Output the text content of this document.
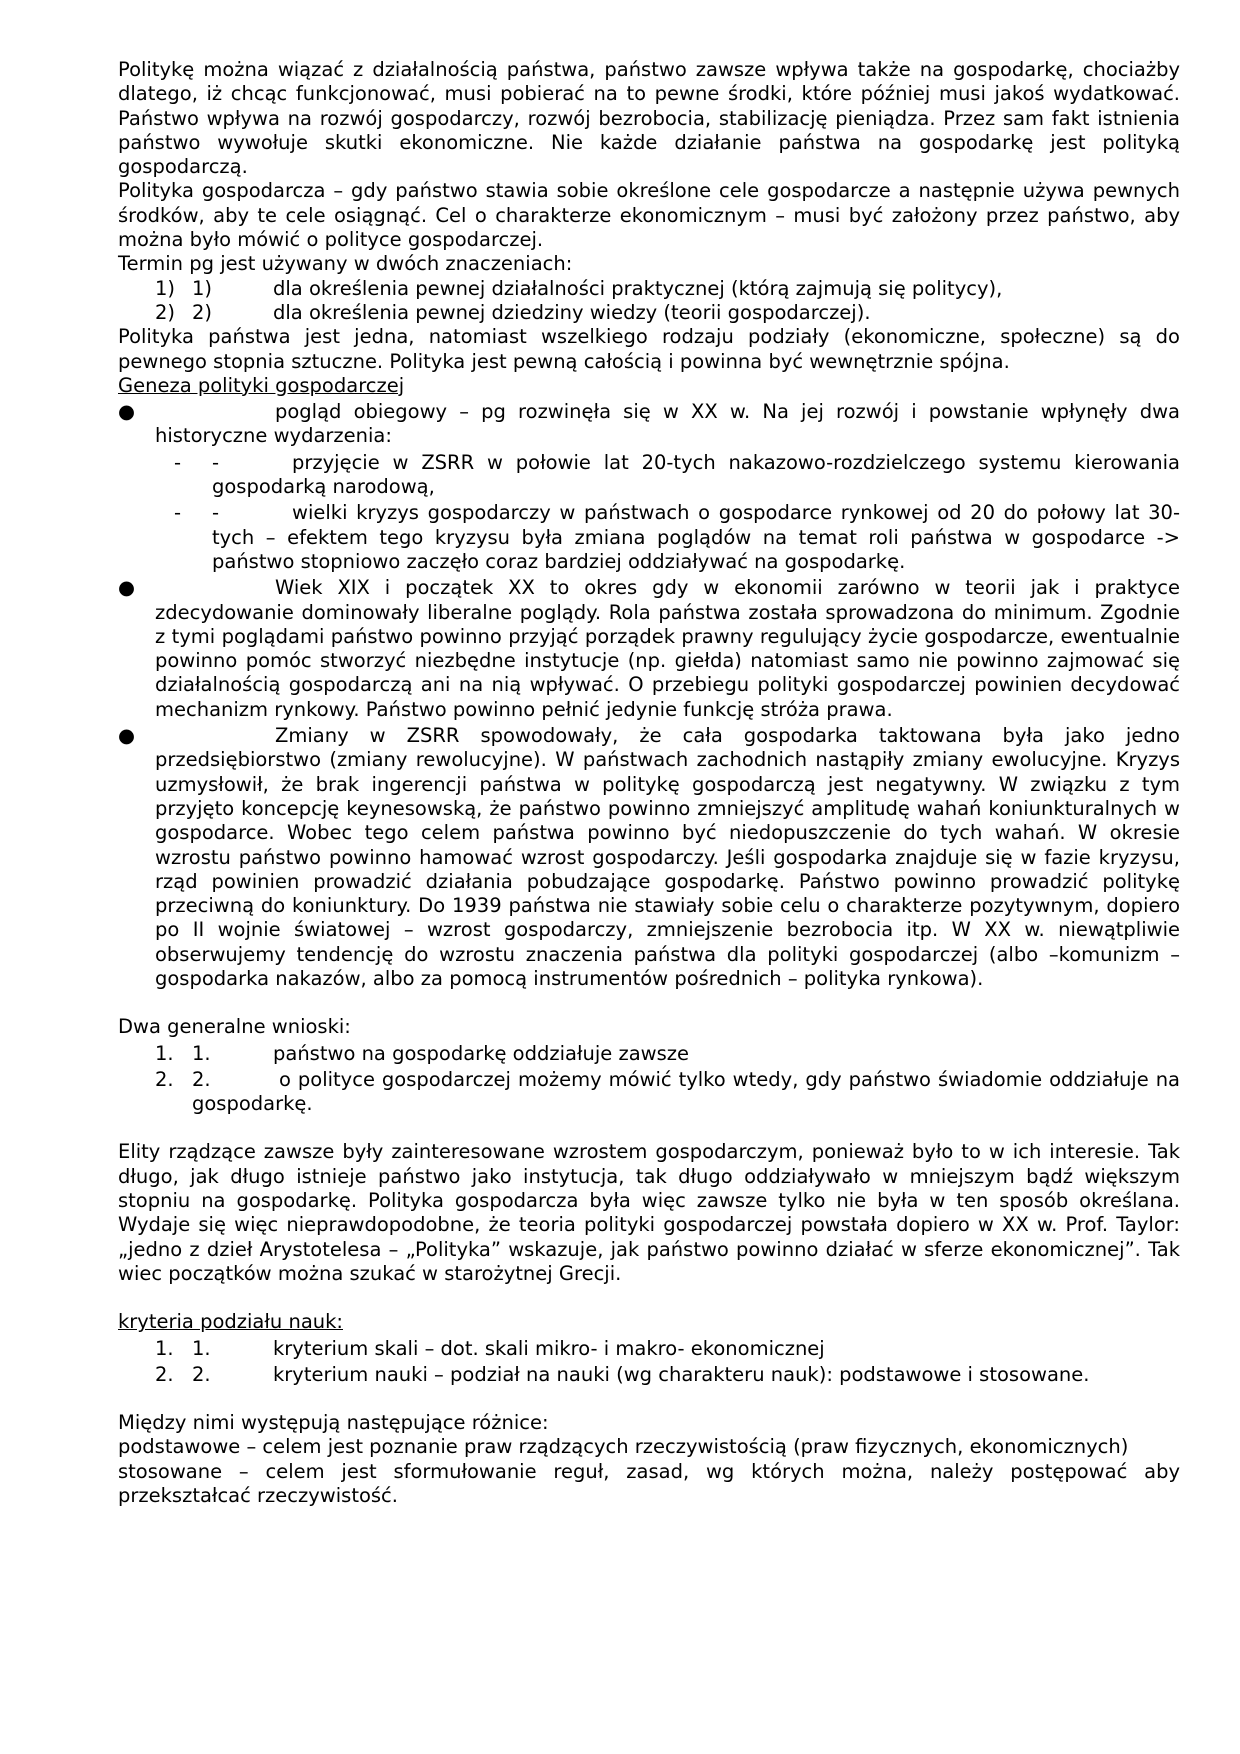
Politykę można wiązać z działalnością państwa, państwo zawsze wpływa także na gospodarkę, chociażby dlatego, iż chcąc funkcjonować, musi pobierać na to pewne środki, które później musi jakoś wydatkować. Państwo wpływa na rozwój gospodarczy, rozwój bezrobocia, stabilizację pieniądza. Przez sam fakt istnienia państwo wywołuje skutki ekonomiczne. Nie każde działanie państwa na gospodarkę jest polityką gospodarczą.

Polityka gospodarcza – gdy państwo stawia sobie określone cele gospodarcze a następnie używa pewnych środków, aby te cele osiągnąć. Cel o charakterze ekonomicznym – musi być założony przez państwo, aby można było mówić o polityce gospodarczej.

Termin pg jest używany w dwóch znaczeniach:

1) 1)	dla określenia pewnej działalności praktycznej (którą zajmują się politycy),
2) 2)	dla określenia pewnej dziedziny wiedzy (teorii gospodarczej).

Polityka państwa jest jedna, natomiast wszelkiego rodzaju podziały (ekonomiczne, społeczne) są do pewnego stopnia sztuczne. Polityka jest pewną całością i powinna być wewnętrznie spójna.

Geneza polityki gospodarczej

●	pogląd obiegowy – pg rozwinęła się w XX w. Na jej rozwój i powstanie wpłynęły dwa historyczne wydarzenia:

- -	przyjęcie w ZSRR w połowie lat 20-tych nakazowo-rozdzielczego systemu kierowania gospodarką narodową,

- -	wielki kryzys gospodarczy w państwach o gospodarce rynkowej od 20 do połowy lat 30-tych – efektem tego kryzysu była zmiana poglądów na temat roli państwa w gospodarce -> państwo stopniowo zaczęło coraz bardziej oddziaływać na gospodarkę.

●	Wiek XIX i początek XX to okres gdy w ekonomii zarówno w teorii jak i praktyce zdecydowanie dominowały liberalne poglądy. Rola państwa została sprowadzona do minimum. Zgodnie z tymi poglądami państwo powinno przyjąć porządek prawny regulujący życie gospodarcze, ewentualnie powinno pomóc stworzyć niezbędne instytucje (np. giełda) natomiast samo nie powinno zajmować się działalnością gospodarczą ani na nią wpływać. O przebiegu polityki gospodarczej powinien decydować mechanizm rynkowy. Państwo powinno pełnić jedynie funkcję stróża prawa.

●	Zmiany w ZSRR spowodowały, że cała gospodarka taktowana była jako jedno przedsiębiorstwo (zmiany rewolucyjne). W państwach zachodnich nastąpiły zmiany ewolucyjne. Kryzys uzmysłowił, że brak ingerencji państwa w politykę gospodarczą jest negatywny. W związku z tym przyjęto koncepcję keynesowską, że państwo powinno zmniejszyć amplitudę wahań koniunkturalnych w gospodarce. Wobec tego celem państwa powinno być niedopuszczenie do tych wahań. W okresie wzrostu państwo powinno hamować wzrost gospodarczy. Jeśli gospodarka znajduje się w fazie kryzysu, rząd powinien prowadzić działania pobudzające gospodarkę. Państwo powinno prowadzić politykę przeciwną do koniunktury. Do 1939 państwa nie stawiały sobie celu o charakterze pozytywnym, dopiero po II wojnie światowej – wzrost gospodarczy, zmniejszenie bezrobocia itp. W XX w. niewątpliwie obserwujemy tendencję do wzrostu znaczenia państwa dla polityki gospodarczej (albo –komunizm – gospodarka nakazów, albo za pomocą instrumentów pośrednich – polityka rynkowa).

Dwa generalne wnioski:

1. 1.	państwo na gospodarkę oddziałuje zawsze

2. 2.	o polityce gospodarczej możemy mówić tylko wtedy, gdy państwo świadomie oddziałuje na gospodarkę.

Elity rządzące zawsze były zainteresowane wzrostem gospodarczym, ponieważ było to w ich interesie. Tak długo, jak długo istnieje państwo jako instytucja, tak długo oddziaływało w mniejszym bądź większym stopniu na gospodarkę. Polityka gospodarcza była więc zawsze tylko nie była w ten sposób określana. Wydaje się więc nieprawdopodobne, że teoria polityki gospodarczej powstała dopiero w XX w. Prof. Taylor: „jedno z dzieł Arystotelesa – „Polityka” wskazuje, jak państwo powinno działać w sferze ekonomicznej”. Tak wiec początków można szukać w starożytnej Grecji.

kryteria podziału nauk:

1. 1.	kryterium skali – dot. skali mikro- i makro- ekonomicznej

2. 2.	kryterium nauki – podział na nauki (wg charakteru nauk): podstawowe i stosowane.

Między nimi występują następujące różnice:

podstawowe – celem jest poznanie praw rządzących rzeczywistością (praw fizycznych, ekonomicznych)

stosowane – celem jest sformułowanie reguł, zasad, wg których można, należy postępować aby przekształcać rzeczywistość.
